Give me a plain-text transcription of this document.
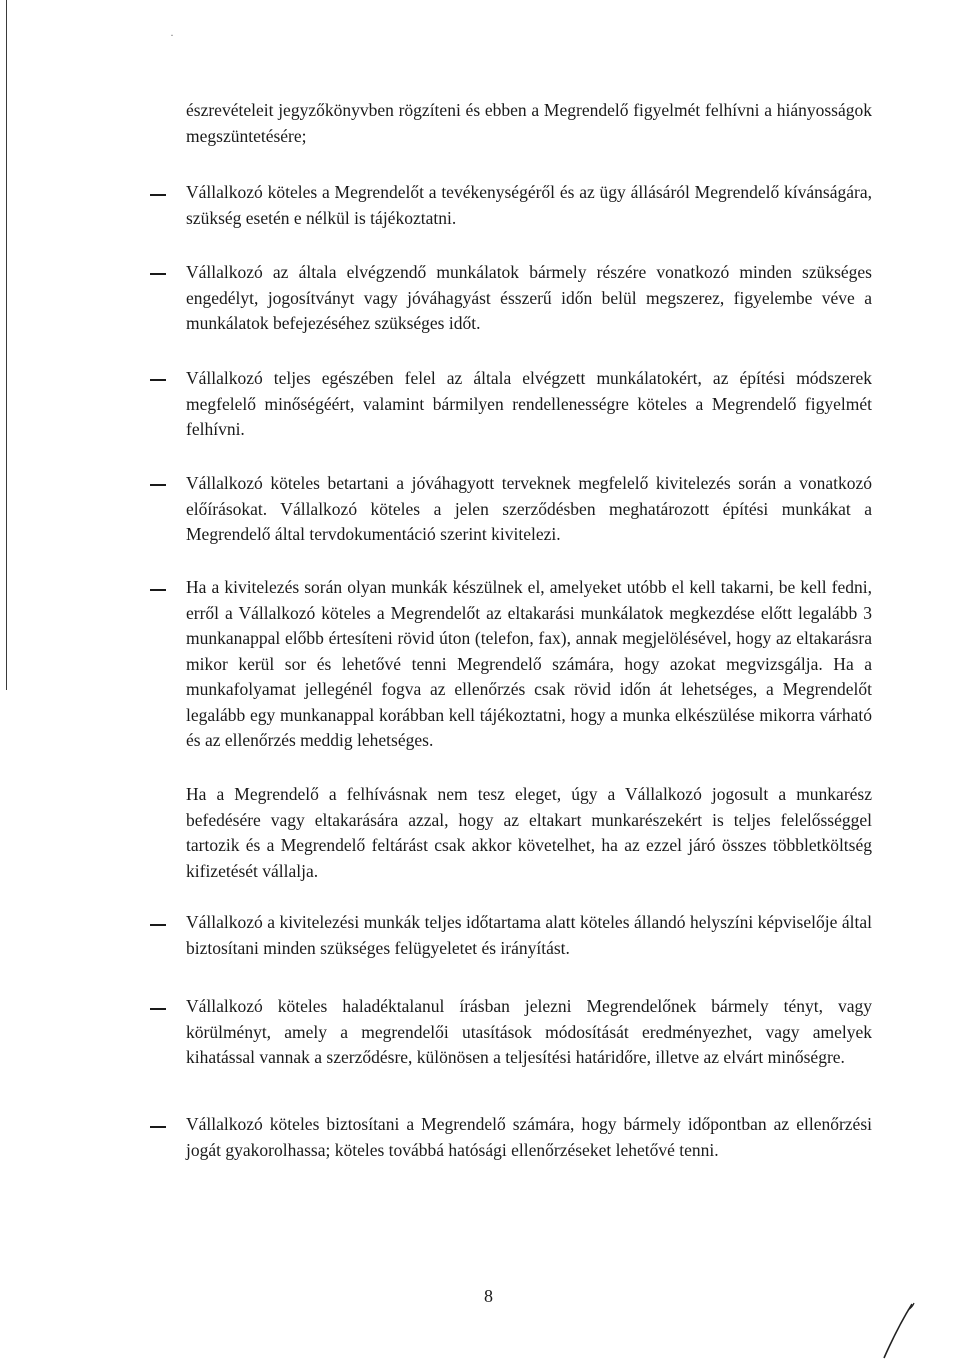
·

észrevételeit jegyzőkönyvben rögzíteni és ebben a Megrendelő figyelmét felhívni a hiányosságok megszüntetésére;

Vállalkozó köteles a Megrendelőt a tevékenységéről és az ügy állásáról Megrendelő kívánságára, szükség esetén e nélkül is tájékoztatni.

Vállalkozó az általa elvégzendő munkálatok bármely részére vonatkozó minden szükséges engedélyt, jogosítványt vagy jóváhagyást ésszerű időn belül megszerez, figyelembe véve a munkálatok befejezéséhez szükséges időt.

Vállalkozó teljes egészében felel az általa elvégzett munkálatokért, az építési módszerek megfelelő minőségéért, valamint bármilyen rendellenességre köteles a Megrendelő figyelmét felhívni.

Vállalkozó köteles betartani a jóváhagyott terveknek megfelelő kivitelezés során a vonatkozó előírásokat. Vállalkozó köteles a jelen szerződésben meghatározott építési munkákat a Megrendelő által tervdokumentáció szerint kivitelezi.

Ha a kivitelezés során olyan munkák készülnek el, amelyeket utóbb el kell takarni, be kell fedni, erről a Vállalkozó köteles a Megrendelőt az eltakarási munkálatok megkezdése előtt legalább 3 munkanappal előbb értesíteni rövid úton (telefon, fax), annak megjelölésével, hogy az eltakarásra mikor kerül sor és lehetővé tenni Megrendelő számára, hogy azokat megvizsgálja. Ha a munkafolyamat jellegénél fogva az ellenőrzés csak rövid időn át lehetséges, a Megrendelőt legalább egy munkanappal korábban kell tájékoztatni, hogy a munka elkészülése mikorra várható és az ellenőrzés meddig lehetséges.

Ha a Megrendelő a felhívásnak nem tesz eleget, úgy a Vállalkozó jogosult a munkarész befedésére vagy eltakarására azzal, hogy az eltakart munkarészekért is teljes felelősséggel tartozik és a Megrendelő feltárást csak akkor követelhet, ha az ezzel járó összes többletköltség kifizetését vállalja.

Vállalkozó a kivitelezési munkák teljes időtartama alatt köteles állandó helyszíni képviselője által biztosítani minden szükséges felügyeletet és irányítást.

Vállalkozó köteles haladéktalanul írásban jelezni Megrendelőnek bármely tényt, vagy körülményt, amely a megrendelői utasítások módosítását eredményezhet, vagy amelyek kihatással vannak a szerződésre, különösen a teljesítési határidőre, illetve az elvárt minőségre.

Vállalkozó köteles biztosítani a Megrendelő számára, hogy bármely időpontban az ellenőrzési jogát gyakorolhassa; köteles továbbá hatósági ellenőrzéseket lehetővé tenni.

8
